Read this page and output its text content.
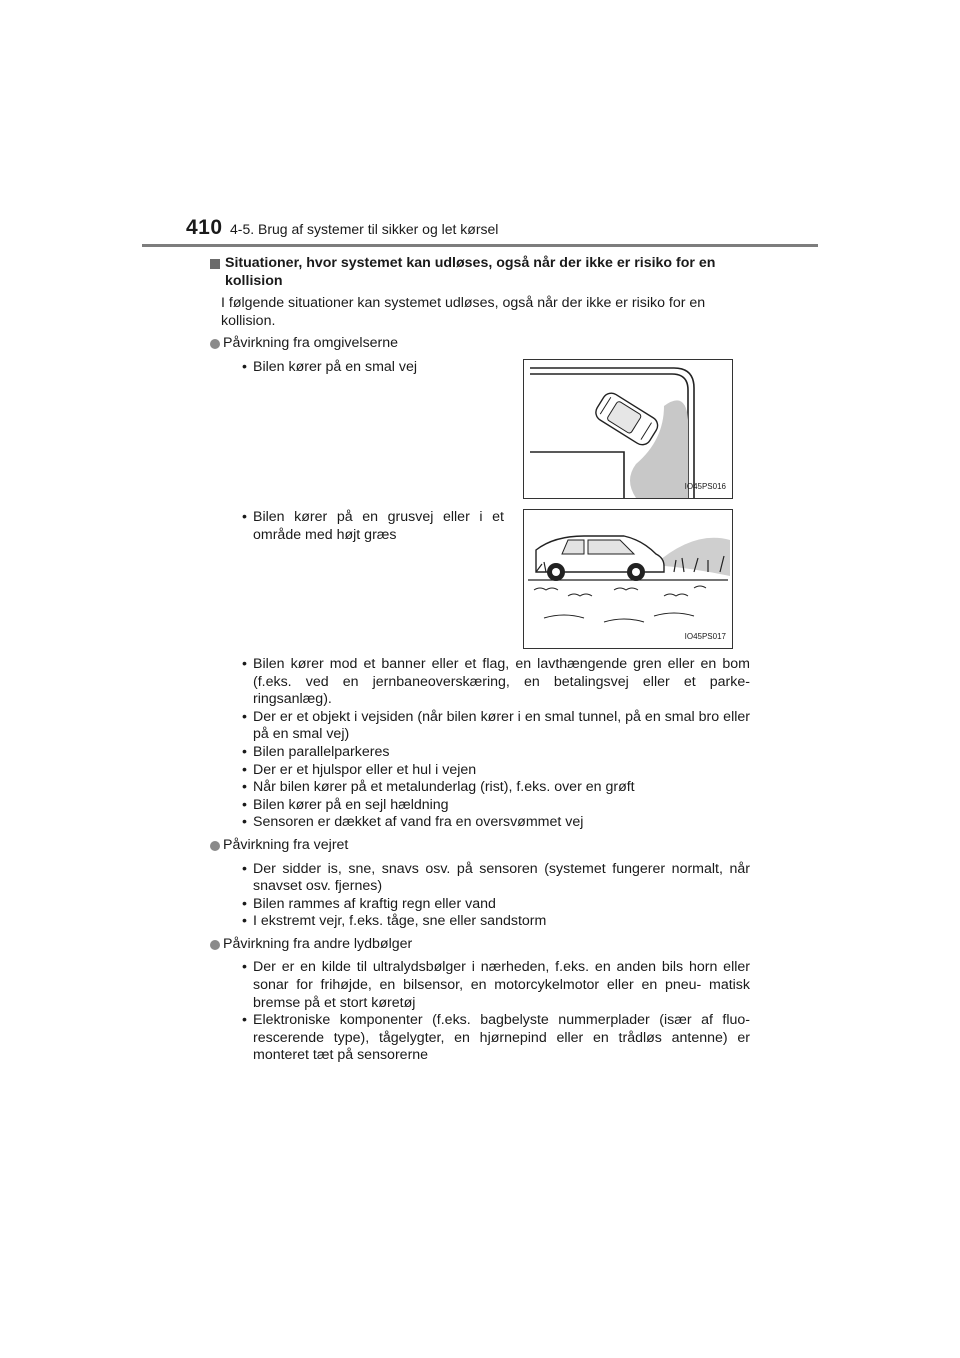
410 4-5. Brug af systemer til sikker og let kørsel
Situationer, hvor systemet kan udløses, også når der ikke er risiko for en kollision
I følgende situationer kan systemet udløses, også når der ikke er risiko for en kollision.
Påvirkning fra omgivelserne
• Bilen kører på en smal vej
IO45PS016
• Bilen kører på en grusvej eller i et område med højt græs
IO45PS017
• Bilen kører mod et banner eller et flag, en lavthængende gren eller en bom (f.eks. ved en jernbaneoverskæring, en betalingsvej eller et parke- ringsanlæg).
• Der er et objekt i vejsiden (når bilen kører i en smal tunnel, på en smal bro eller på en smal vej)
• Bilen parallelparkeres
• Der er et hjulspor eller et hul i vejen
• Når bilen kører på et metalunderlag (rist), f.eks. over en grøft
• Bilen kører på en sejl hældning
• Sensoren er dækket af vand fra en oversvømmet vej
Påvirkning fra vejret
• Der sidder is, sne, snavs osv. på sensoren (systemet fungerer normalt, når snavset osv. fjernes)
• Bilen rammes af kraftig regn eller vand
• I ekstremt vejr, f.eks. tåge, sne eller sandstorm
Påvirkning fra andre lydbølger
• Der er en kilde til ultralydsbølger i nærheden, f.eks. en anden bils horn eller sonar for frihøjde, en bilsensor, en motorcykelmotor eller en pneu- matisk bremse på et stort køretøj
• Elektroniske komponenter (f.eks. bagbelyste nummerplader (især af fluo- rescerende type), tågelygter, en hjørnepind eller en trådløs antenne) er monteret tæt på sensorerne
